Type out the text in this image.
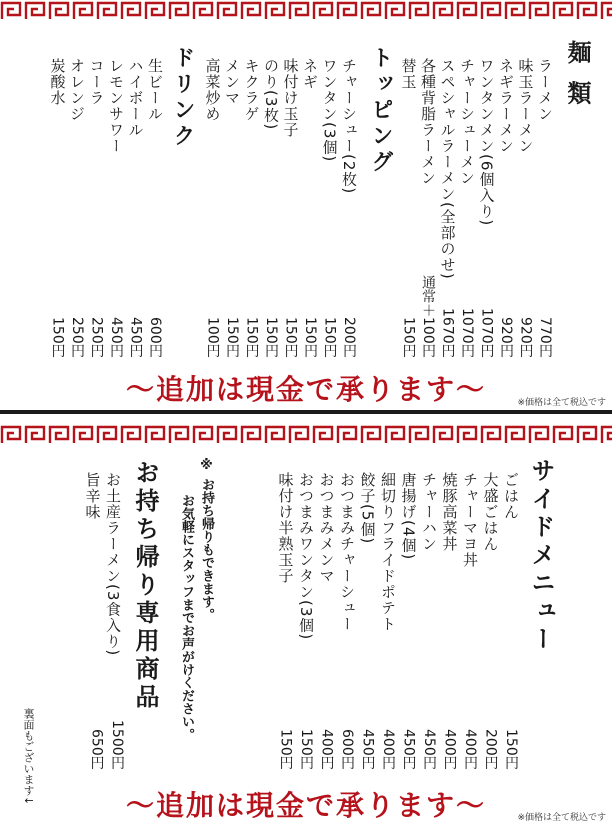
麺 類
ラーメン
味玉ラーメン
ネギラーメン
ワンタンメン(6個入り)
チャーシューメン
スペシャルラーメン(全部のせ)
各種背脂ラーメン
替玉
770円
920円
920円
1070円
1070円
1670円
通常＋100円
150円
トッピング
チャーシュー(2枚)
ワンタン(3個)
ネギ
味付け玉子
のり(3枚)
キクラゲ
メンマ
高菜炒め
200円
150円
150円
150円
150円
150円
150円
100円
ドリンク
生ビール
ハイボール
レモンサワー
コーラ
オレンジ
炭酸水
600円
450円
450円
250円
250円
150円
〜追加は現金で承ります〜	※価格は全て税込です
サイドメニュー
ごはん
大盛ごはん
チャーマヨ丼
焼豚高菜丼
チャーハン
唐揚げ(4個)
細切りフライドポテト
餃子(5個)
おつまみチャーシュー
おつまみメンマ
おつまみワンタン(3個)
味付け半熟玉子
150円
200円
400円
400円
450円
450円
400円
450円
600円
400円
150円
150円
※
お持ち帰りもできます。
お気軽にスタッフまでお声がけください。
お持ち帰り専用商品
お土産ラーメン(3食入り)
旨辛味
1500円
650円
裏面もございます↓
〜追加は現金で承ります〜	※価格は全て税込です
